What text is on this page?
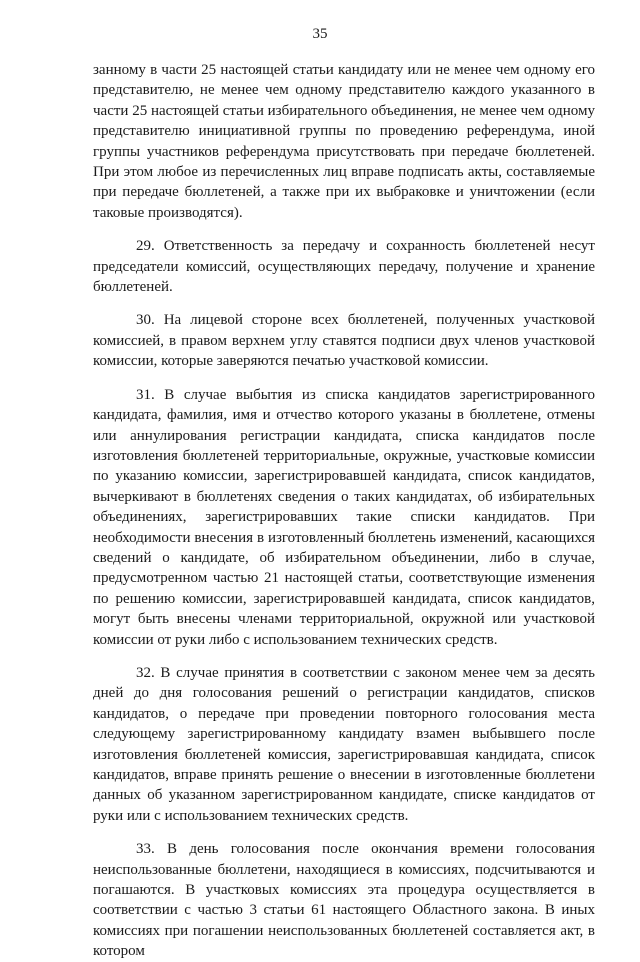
35

занному в части 25 настоящей статьи кандидату или не менее чем одному его представителю, не менее чем одному представителю каждого указанного в части 25 настоящей статьи избирательного объединения, не менее чем одному представителю инициативной группы по проведению референдума, иной группы участников референдума присутствовать при передаче бюллетеней. При этом любое из перечисленных лиц вправе подписать акты, составляемые при передаче бюллетеней, а также при их выбраковке и уничтожении (если таковые производятся).

29. Ответственность за передачу и сохранность бюллетеней несут председатели комиссий, осуществляющих передачу, получение и хранение бюллетеней.

30. На лицевой стороне всех бюллетеней, полученных участковой комиссией, в правом верхнем углу ставятся подписи двух членов участковой комиссии, которые заверяются печатью участковой комиссии.

31. В случае выбытия из списка кандидатов зарегистрированного кандидата, фамилия, имя и отчество которого указаны в бюллетене, отмены или аннулирования регистрации кандидата, списка кандидатов после изготовления бюллетеней территориальные, окружные, участковые комиссии по указанию комиссии, зарегистрировавшей кандидата, список кандидатов, вычеркивают в бюллетенях сведения о таких кандидатах, об избирательных объединениях, зарегистрировавших такие списки кандидатов. При необходимости внесения в изготовленный бюллетень изменений, касающихся сведений о кандидате, об избирательном объединении, либо в случае, предусмотренном частью 21 настоящей статьи, соответствующие изменения по решению комиссии, зарегистрировавшей кандидата, список кандидатов, могут быть внесены членами территориальной, окружной или участковой комиссии от руки либо с использованием технических средств.

32. В случае принятия в соответствии с законом менее чем за десять дней до дня голосования решений о регистрации кандидатов, списков кандидатов, о передаче при проведении повторного голосования места следующему зарегистрированному кандидату взамен выбывшего после изготовления бюллетеней комиссия, зарегистрировавшая кандидата, список кандидатов, вправе принять решение о внесении в изготовленные бюллетени данных об указанном зарегистрированном кандидате, списке кандидатов от руки или с использованием технических средств.

33. В день голосования после окончания времени голосования неиспользованные бюллетени, находящиеся в комиссиях, подсчитываются и погашаются. В участковых комиссиях эта процедура осуществляется в соответствии с частью 3 статьи 61 настоящего Областного закона. В иных комиссиях при погашении неиспользованных бюллетеней составляется акт, в котором
